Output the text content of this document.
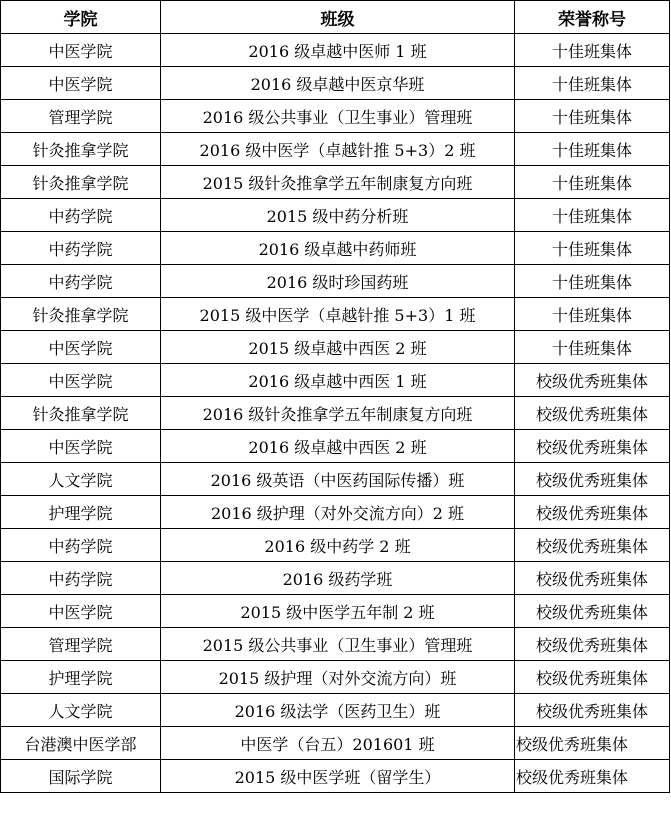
学院	班级	荣誉称号
中医学院	2016 级卓越中医师 1 班	十佳班集体
中医学院	2016 级卓越中医京华班	十佳班集体
管理学院	2016 级公共事业（卫生事业）管理班	十佳班集体
针灸推拿学院	2016 级中医学（卓越针推 5+3）2 班	十佳班集体
针灸推拿学院	2015 级针灸推拿学五年制康复方向班	十佳班集体
中药学院	2015 级中药分析班	十佳班集体
中药学院	2016 级卓越中药师班	十佳班集体
中药学院	2016 级时珍国药班	十佳班集体
针灸推拿学院	2015 级中医学（卓越针推 5+3）1 班	十佳班集体
中医学院	2015 级卓越中西医 2 班	十佳班集体
中医学院	2016 级卓越中西医 1 班	校级优秀班集体
针灸推拿学院	2016 级针灸推拿学五年制康复方向班	校级优秀班集体
中医学院	2016 级卓越中西医 2 班	校级优秀班集体
人文学院	2016 级英语（中医药国际传播）班	校级优秀班集体
护理学院	2016 级护理（对外交流方向）2 班	校级优秀班集体
中药学院	2016 级中药学 2 班	校级优秀班集体
中药学院	2016 级药学班	校级优秀班集体
中医学院	2015 级中医学五年制 2 班	校级优秀班集体
管理学院	2015 级公共事业（卫生事业）管理班	校级优秀班集体
护理学院	2015 级护理（对外交流方向）班	校级优秀班集体
人文学院	2016 级法学（医药卫生）班	校级优秀班集体
台港澳中医学部	中医学（台五）201601 班	校级优秀班集体
国际学院	2015 级中医学班（留学生）	校级优秀班集体
